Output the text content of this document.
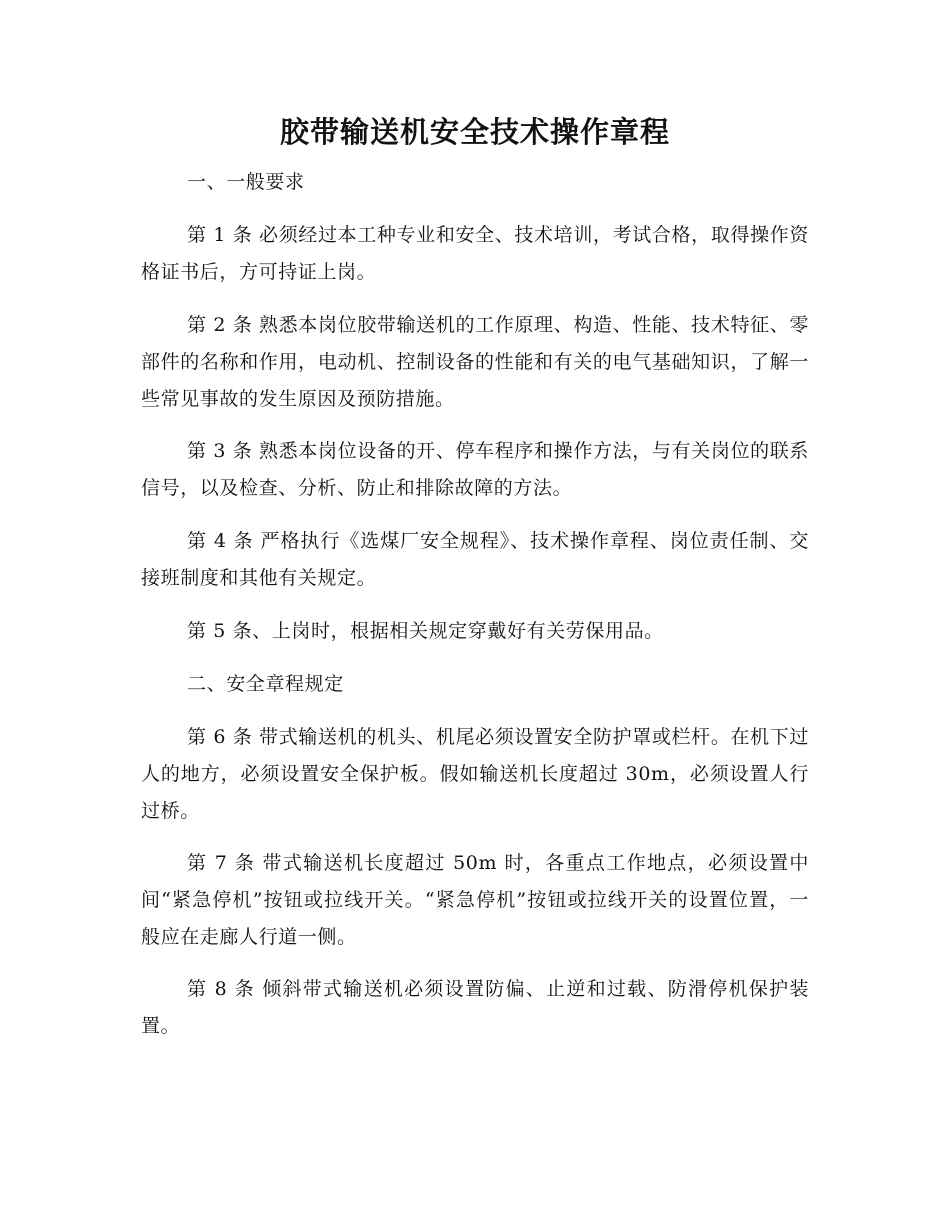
胶带输送机安全技术操作章程
一、一般要求
第 1 条 必须经过本工种专业和安全、技术培训，考试合格，取得操作资格证书后，方可持证上岗。
第 2 条 熟悉本岗位胶带输送机的工作原理、构造、性能、技术特征、零部件的名称和作用，电动机、控制设备的性能和有关的电气基础知识，了解一些常见事故的发生原因及预防措施。
第 3 条 熟悉本岗位设备的开、停车程序和操作方法，与有关岗位的联系信号，以及检查、分析、防止和排除故障的方法。
第 4 条 严格执行《选煤厂安全规程》、技术操作章程、岗位责任制、交接班制度和其他有关规定。
第 5 条、上岗时，根据相关规定穿戴好有关劳保用品。
二、安全章程规定
第 6 条 带式输送机的机头、机尾必须设置安全防护罩或栏杆。在机下过人的地方，必须设置安全保护板。假如输送机长度超过 30m，必须设置人行过桥。
第 7 条 带式输送机长度超过 50m 时，各重点工作地点，必须设置中间“紧急停机”按钮或拉线开关。“紧急停机”按钮或拉线开关的设置位置，一般应在走廊人行道一侧。
第 8 条 倾斜带式输送机必须设置防偏、止逆和过载、防滑停机保护装置。
